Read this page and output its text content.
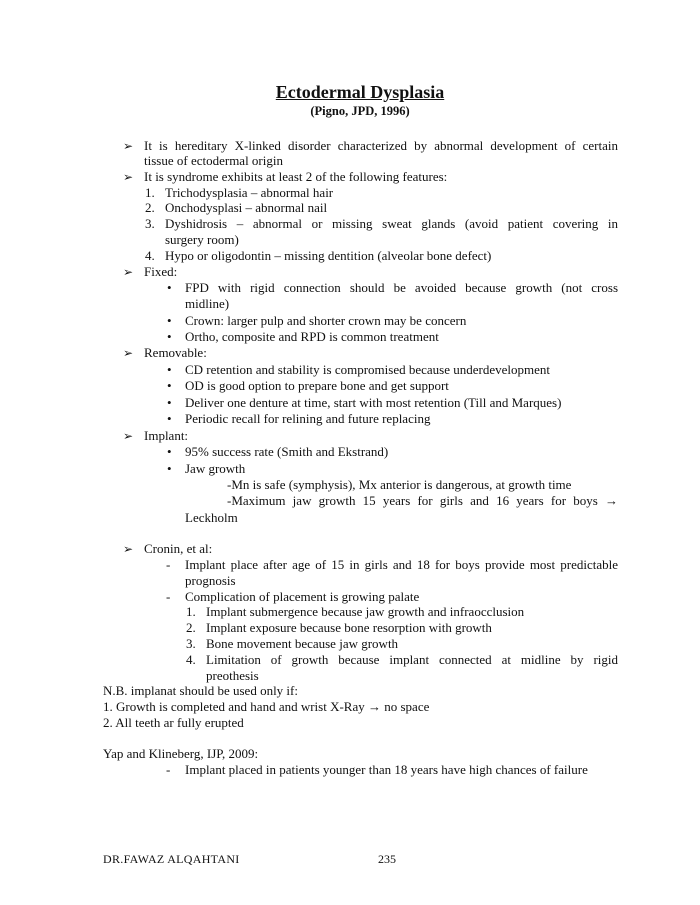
Ectodermal Dysplasia
(Pigno, JPD, 1996)
➢ It is hereditary X-linked disorder characterized by abnormal development of certain
tissue of ectodermal origin
➢ It is syndrome exhibits at least 2 of the following features:
1. Trichodysplasia – abnormal hair
2. Onchodysplasi – abnormal nail
3. Dyshidrosis – abnormal or missing sweat glands (avoid patient covering in
surgery room)
4. Hypo or oligodontin – missing dentition (alveolar bone defect)
➢ Fixed:
• FPD with rigid connection should be avoided because growth (not cross
midline)
• Crown: larger pulp and shorter crown may be concern
• Ortho, composite and RPD is common treatment
➢ Removable:
• CD retention and stability is compromised because underdevelopment
• OD is good option to prepare bone and get support
• Deliver one denture at time, start with most retention (Till and Marques)
• Periodic recall for relining and future replacing
➢ Implant:
• 95% success rate (Smith and Ekstrand)
• Jaw growth
-Mn is safe (symphysis), Mx anterior is dangerous, at growth time
-Maximum jaw growth 15 years for girls and 16 years for boys →
Leckholm
➢ Cronin, et al:
- Implant place after age of 15 in girls and 18 for boys provide most predictable
prognosis
- Complication of placement is growing palate
1. Implant submergence because jaw growth and infraocclusion
2. Implant exposure because bone resorption with growth
3. Bone movement because jaw growth
4. Limitation of growth because implant connected at midline by rigid
preothesis
N.B. implanat should be used only if:
1. Growth is completed and hand and wrist X-Ray → no space
2. All teeth ar fully erupted
Yap and Klineberg, IJP, 2009:
- Implant placed in patients younger than 18 years have high chances of failure
DR.FAWAZ ALQAHTANI	235
